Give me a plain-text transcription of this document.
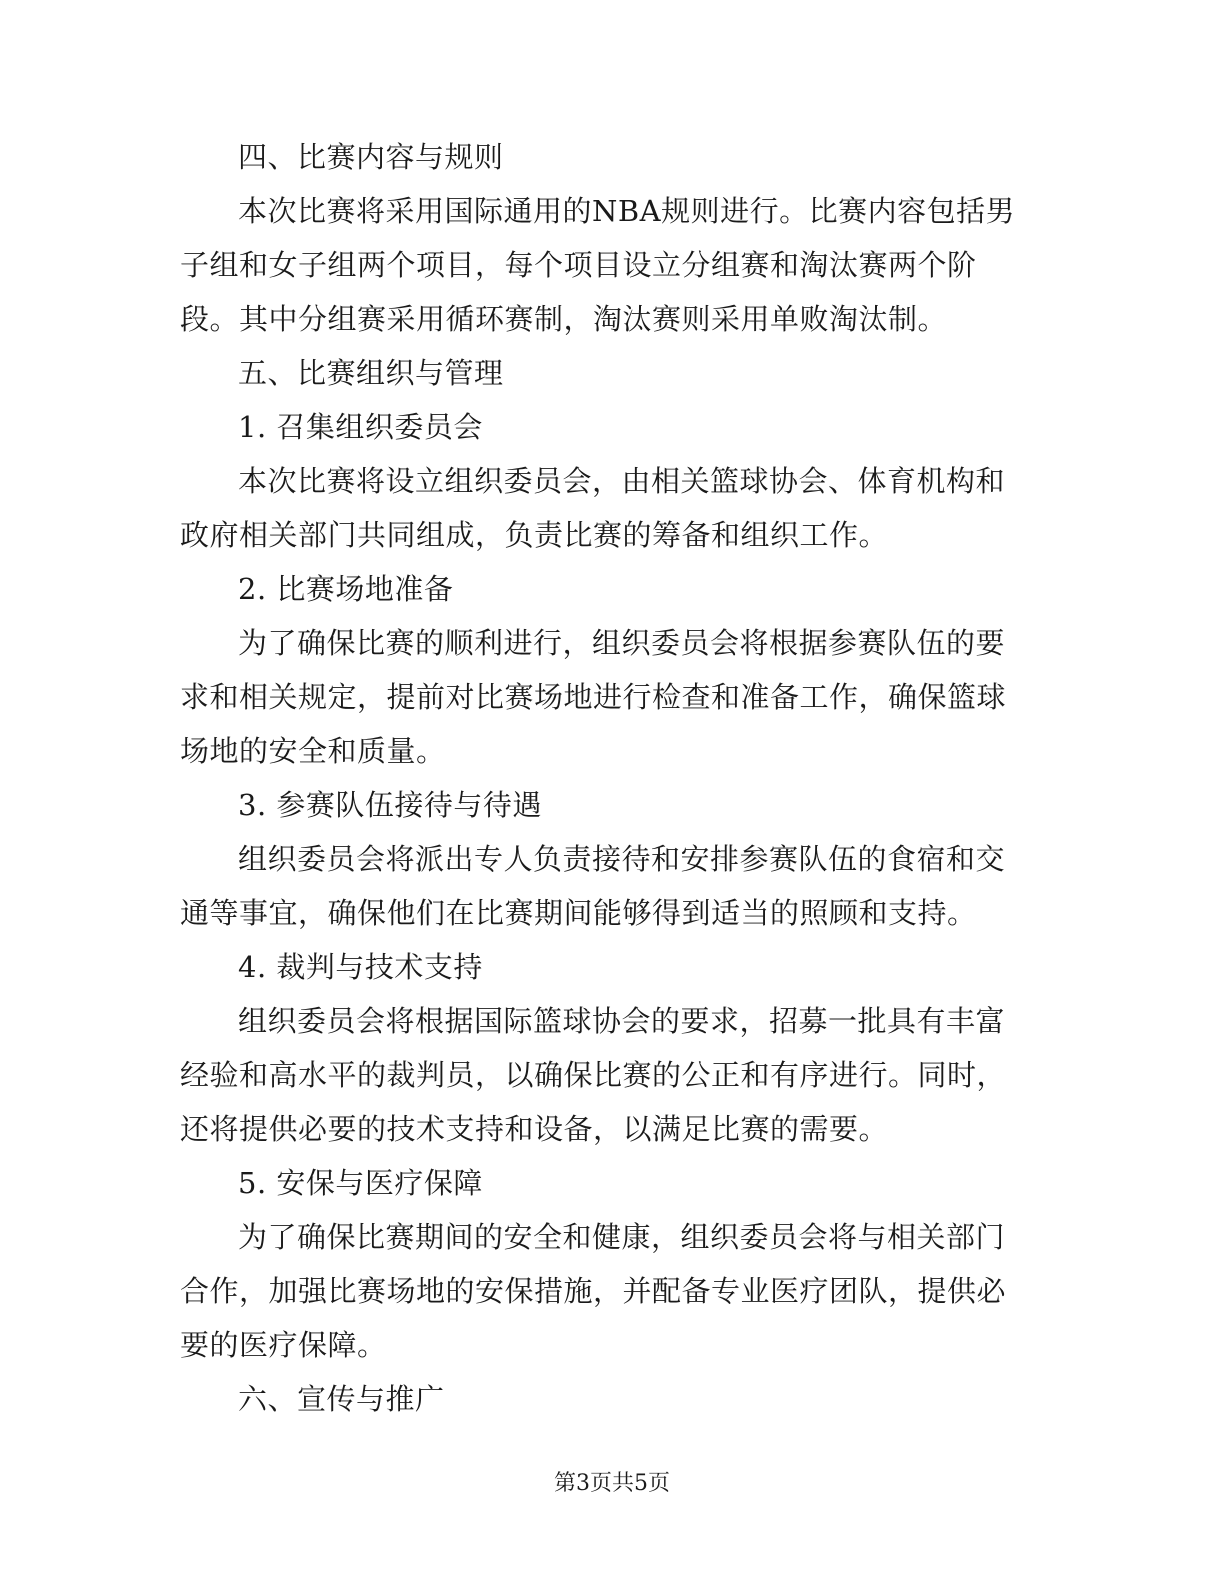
四、比赛内容与规则

本次比赛将采用国际通用的NBA规则进行。比赛内容包括男子组和女子组两个项目，每个项目设立分组赛和淘汰赛两个阶段。其中分组赛采用循环赛制，淘汰赛则采用单败淘汰制。

五、比赛组织与管理

1. 召集组织委员会

本次比赛将设立组织委员会，由相关篮球协会、体育机构和政府相关部门共同组成，负责比赛的筹备和组织工作。

2. 比赛场地准备

为了确保比赛的顺利进行，组织委员会将根据参赛队伍的要求和相关规定，提前对比赛场地进行检查和准备工作，确保篮球场地的安全和质量。

3. 参赛队伍接待与待遇

组织委员会将派出专人负责接待和安排参赛队伍的食宿和交通等事宜，确保他们在比赛期间能够得到适当的照顾和支持。

4. 裁判与技术支持

组织委员会将根据国际篮球协会的要求，招募一批具有丰富经验和高水平的裁判员，以确保比赛的公正和有序进行。同时，还将提供必要的技术支持和设备，以满足比赛的需要。

5. 安保与医疗保障

为了确保比赛期间的安全和健康，组织委员会将与相关部门合作，加强比赛场地的安保措施，并配备专业医疗团队，提供必要的医疗保障。

六、宣传与推广

第3页共5页
